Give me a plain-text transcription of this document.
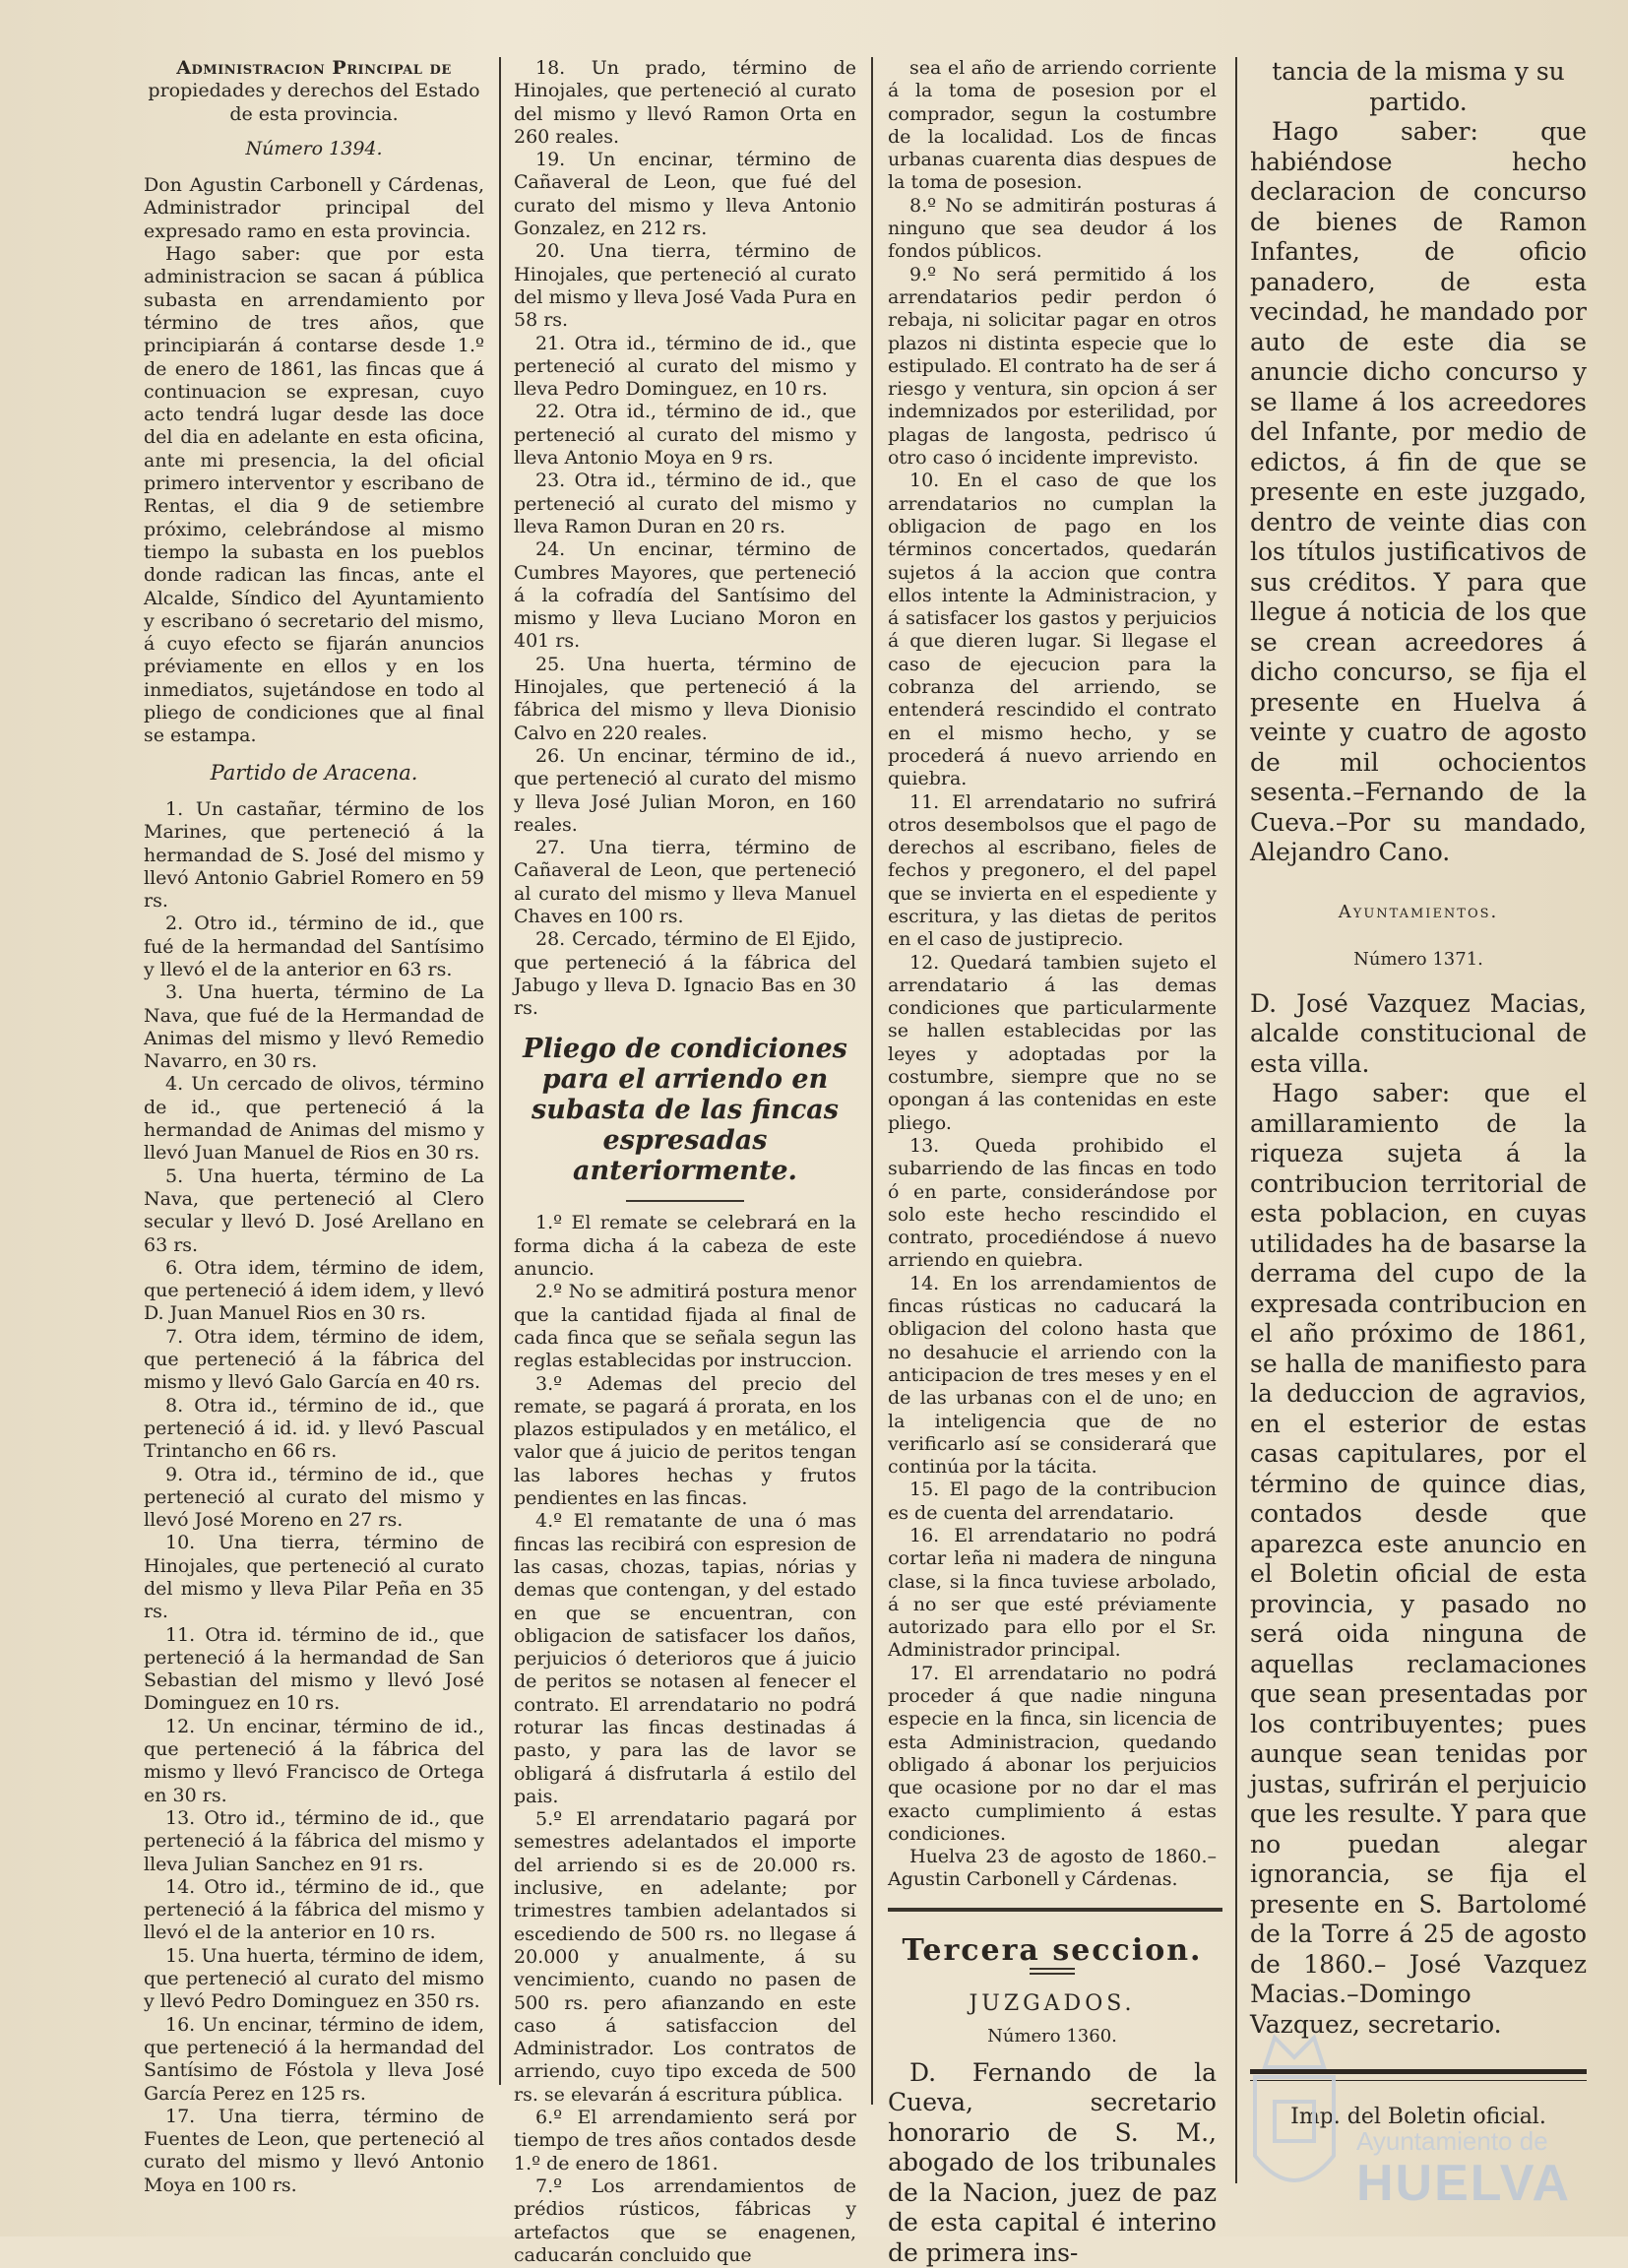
Administracion Principal de

propiedades y derechos del Estado de esta provincia.

Número 1394.

Don Agustin Carbonell y Cárdenas, Administrador principal del expresado ramo en esta provincia.

Hago saber: que por esta administracion se sacan á pública subasta en arrendamiento por término de tres años, que principiarán á contarse desde 1.º de enero de 1861, las fincas que á continuacion se expresan, cuyo acto tendrá lugar desde las doce del dia en adelante en esta oficina, ante mi presencia, la del oficial primero interventor y escribano de Rentas, el dia 9 de setiembre próximo, celebrándose al mismo tiempo la subasta en los pueblos donde radican las fincas, ante el Alcalde, Síndico del Ayuntamiento y escribano ó secretario del mismo, á cuyo efecto se fijarán anuncios préviamente en ellos y en los inmediatos, sujetándose en todo al pliego de condiciones que al final se estampa.

Partido de Aracena.

1. Un castañar, término de los Marines, que perteneció á la hermandad de S. José del mismo y llevó Antonio Gabriel Romero en 59 rs.

2. Otro id., término de id., que fué de la hermandad del Santísimo y llevó el de la anterior en 63 rs.

3. Una huerta, término de La Nava, que fué de la Hermandad de Animas del mismo y llevó Remedio Navarro, en 30 rs.

4. Un cercado de olivos, término de id., que perteneció á la hermandad de Animas del mismo y llevó Juan Manuel de Rios en 30 rs.

5. Una huerta, término de La Nava, que perteneció al Clero secular y llevó D. José Arellano en 63 rs.

6. Otra idem, término de idem, que perteneció á idem idem, y llevó D. Juan Manuel Rios en 30 rs.

7. Otra idem, término de idem, que perteneció á la fábrica del mismo y llevó Galo García en 40 rs.

8. Otra id., término de id., que perteneció á id. id. y llevó Pascual Trintancho en 66 rs.

9. Otra id., término de id., que perteneció al curato del mismo y llevó José Moreno en 27 rs.

10. Una tierra, término de Hinojales, que perteneció al curato del mismo y lleva Pilar Peña en 35 rs.

11. Otra id. término de id., que perteneció á la hermandad de San Sebastian del mismo y llevó José Dominguez en 10 rs.

12. Un encinar, término de id., que perteneció á la fábrica del mismo y llevó Francisco de Ortega en 30 rs.

13. Otro id., término de id., que perteneció á la fábrica del mismo y lleva Julian Sanchez en 91 rs.

14. Otro id., término de id., que perteneció á la fábrica del mismo y llevó el de la anterior en 10 rs.

15. Una huerta, término de idem, que perteneció al curato del mismo y llevó Pedro Dominguez en 350 rs.

16. Un encinar, término de idem, que perteneció á la hermandad del Santísimo de Fóstola y lleva José García Perez en 125 rs.

17. Una tierra, término de Fuentes de Leon, que perteneció al curato del mismo y llevó Antonio Moya en 100 rs.

18. Un prado, término de Hinojales, que perteneció al curato del mismo y llevó Ramon Orta en 260 reales.

19. Un encinar, término de Cañaveral de Leon, que fué del curato del mismo y lleva Antonio Gonzalez, en 212 rs.

20. Una tierra, término de Hinojales, que perteneció al curato del mismo y lleva José Vada Pura en 58 rs.

21. Otra id., término de id., que perteneció al curato del mismo y lleva Pedro Dominguez, en 10 rs.

22. Otra id., término de id., que perteneció al curato del mismo y lleva Antonio Moya en 9 rs.

23. Otra id., término de id., que perteneció al curato del mismo y lleva Ramon Duran en 20 rs.

24. Un encinar, término de Cumbres Mayores, que perteneció á la cofradía del Santísimo del mismo y lleva Luciano Moron en 401 rs.

25. Una huerta, término de Hinojales, que perteneció á la fábrica del mismo y lleva Dionisio Calvo en 220 reales.

26. Un encinar, término de id., que perteneció al curato del mismo y lleva José Julian Moron, en 160 reales.

27. Una tierra, término de Cañaveral de Leon, que perteneció al curato del mismo y lleva Manuel Chaves en 100 rs.

28. Cercado, término de El Ejido, que perteneció á la fábrica del Jabugo y lleva D. Ignacio Bas en 30 rs.

Pliego de condiciones para el arriendo en subasta de las fincas espresadas anteriormente.

1.º El remate se celebrará en la forma dicha á la cabeza de este anuncio.

2.º No se admitirá postura menor que la cantidad fijada al final de cada finca que se señala segun las reglas establecidas por instruccion.

3.º Ademas del precio del remate, se pagará á prorata, en los plazos estipulados y en metálico, el valor que á juicio de peritos tengan las labores hechas y frutos pendientes en las fincas.

4.º El rematante de una ó mas fincas las recibirá con espresion de las casas, chozas, tapias, nórias y demas que contengan, y del estado en que se encuentran, con obligacion de satisfacer los daños, perjuicios ó deterioros que á juicio de peritos se notasen al fenecer el contrato. El arrendatario no podrá roturar las fincas destinadas á pasto, y para las de lavor se obligará á disfrutarla á estilo del pais.

5.º El arrendatario pagará por semestres adelantados el importe del arriendo si es de 20.000 rs. inclusive, en adelante; por trimestres tambien adelantados si escediendo de 500 rs. no llegase á 20.000 y anualmente, á su vencimiento, cuando no pasen de 500 rs. pero afianzando en este caso á satisfaccion del Administrador. Los contratos de arriendo, cuyo tipo exceda de 500 rs. se elevarán á escritura pública.

6.º El arrendamiento será por tiempo de tres años contados desde 1.º de enero de 1861.

7.º Los arrendamientos de prédios rústicos, fábricas y artefactos que se enagenen, caducarán concluido que

sea el año de arriendo corriente á la toma de posesion por el comprador, segun la costumbre de la localidad. Los de fincas urbanas cuarenta dias despues de la toma de posesion.

8.º No se admitirán posturas á ninguno que sea deudor á los fondos públicos.

9.º No será permitido á los arrendatarios pedir perdon ó rebaja, ni solicitar pagar en otros plazos ni distinta especie que lo estipulado. El contrato ha de ser á riesgo y ventura, sin opcion á ser indemnizados por esterilidad, por plagas de langosta, pedrisco ú otro caso ó incidente imprevisto.

10. En el caso de que los arrendatarios no cumplan la obligacion de pago en los términos concertados, quedarán sujetos á la accion que contra ellos intente la Administracion, y á satisfacer los gastos y perjuicios á que dieren lugar. Si llegase el caso de ejecucion para la cobranza del arriendo, se entenderá rescindido el contrato en el mismo hecho, y se procederá á nuevo arriendo en quiebra.

11. El arrendatario no sufrirá otros desembolsos que el pago de derechos al escribano, fieles de fechos y pregonero, el del papel que se invierta en el espediente y escritura, y las dietas de peritos en el caso de justiprecio.

12. Quedará tambien sujeto el arrendatario á las demas condiciones que particularmente se hallen establecidas por las leyes y adoptadas por la costumbre, siempre que no se opongan á las contenidas en este pliego.

13. Queda prohibido el subarriendo de las fincas en todo ó en parte, considerándose por solo este hecho rescindido el contrato, procediéndose á nuevo arriendo en quiebra.

14. En los arrendamientos de fincas rústicas no caducará la obligacion del colono hasta que no desahucie el arriendo con la anticipacion de tres meses y en el de las urbanas con el de uno; en la inteligencia que de no verificarlo así se considerará que continúa por la tácita.

15. El pago de la contribucion es de cuenta del arrendatario.

16. El arrendatario no podrá cortar leña ni madera de ninguna clase, si la finca tuviese arbolado, á no ser que esté préviamente autorizado para ello por el Sr. Administrador principal.

17. El arrendatario no podrá proceder á que nadie ninguna especie en la finca, sin licencia de esta Administracion, quedando obligado á abonar los perjuicios que ocasione por no dar el mas exacto cumplimiento á estas condiciones.

Huelva 23 de agosto de 1860.– Agustin Carbonell y Cárdenas.

Tercera seccion.

JUZGADOS.

Número 1360.

D. Fernando de la Cueva, secretario honorario de S. M., abogado de los tribunales de la Nacion, juez de paz de esta capital é interino de primera ins-

tancia de la misma y su partido.

Hago saber: que habiéndose hecho declaracion de concurso de bienes de Ramon Infantes, de oficio panadero, de esta vecindad, he mandado por auto de este dia se anuncie dicho concurso y se llame á los acreedores del Infante, por medio de edictos, á fin de que se presente en este juzgado, dentro de veinte dias con los títulos justificativos de sus créditos. Y para que llegue á noticia de los que se crean acreedores á dicho concurso, se fija el presente en Huelva á veinte y cuatro de agosto de mil ochocientos sesenta.–Fernando de la Cueva.–Por su mandado, Alejandro Cano.

Ayuntamientos.

Número 1371.

D. José Vazquez Macias, alcalde constitucional de esta villa.

Hago saber: que el amillaramiento de la riqueza sujeta á la contribucion territorial de esta poblacion, en cuyas utilidades ha de basarse la derrama del cupo de la expresada contribucion en el año próximo de 1861, se halla de manifiesto para la deduccion de agravios, en el esterior de estas casas capitulares, por el término de quince dias, contados desde que aparezca este anuncio en el Boletin oficial de esta provincia, y pasado no será oida ninguna de aquellas reclamaciones que sean presentadas por los contribuyentes; pues aunque sean tenidas por justas, sufrirán el perjuicio que les resulte. Y para que no puedan alegar ignorancia, se fija el presente en S. Bartolomé de la Torre á 25 de agosto de 1860.– José Vazquez Macias.–Domingo Vazquez, secretario.

Imp. del Boletin oficial.

Ayuntamiento de
HUELVA
